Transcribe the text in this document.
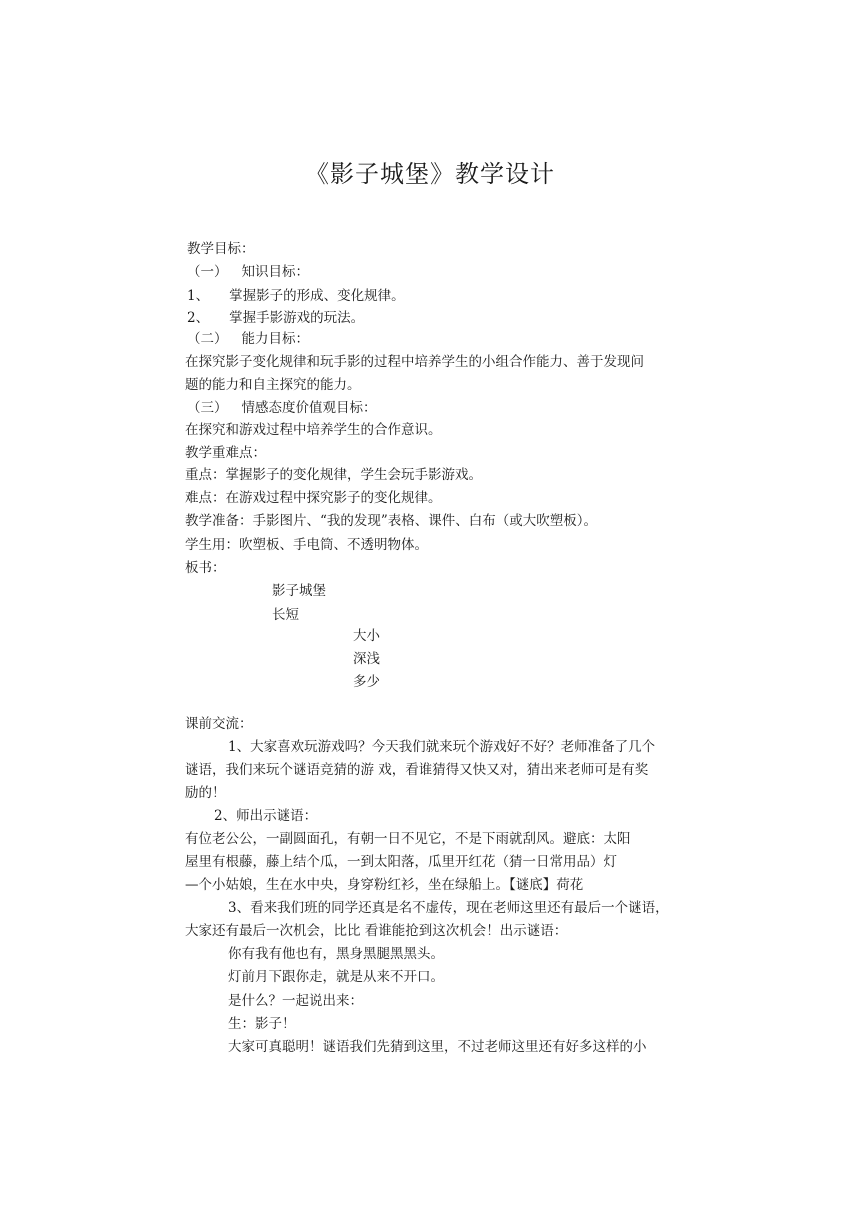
《影子城堡》教学设计

教学目标：

（一） 知识目标：

1、 掌握影子的形成、变化规律。

2、 掌握手影游戏的玩法。

（二） 能力目标：

在探究影子变化规律和玩手影的过程中培养学生的小组合作能力、善于发现问

题的能力和自主探究的能力。

（三） 情感态度价值观目标：

在探究和游戏过程中培养学生的合作意识。

教学重难点：

重点：掌握影子的变化规律，学生会玩手影游戏。

难点：在游戏过程中探究影子的变化规律。

教学准备：手影图片、“我的发现”表格、课件、白布（或大吹塑板）。

学生用：吹塑板、手电筒、不透明物体。

板书：

影子城堡

长短

大小

深浅

多少

课前交流：

1、大家喜欢玩游戏吗？今天我们就来玩个游戏好不好？老师准备了几个

谜语，我们来玩个谜语竞猜的游 戏，看谁猜得又快又对，猜出来老师可是有奖

励的！

2、师出示谜语：

有位老公公，一副圆面孔，有朝一日不见它，不是下雨就刮风。避底：太阳

屋里有根藤，藤上结个瓜，一到太阳落，瓜里开红花（猜一日常用品）灯

—个小姑娘，生在水中央，身穿粉红衫，坐在绿船上。【谜底】荷花

3、看来我们班的同学还真是名不虚传，现在老师这里还有最后一个谜语，

大家还有最后一次机会，比比 看谁能抢到这次机会！出示谜语：

你有我有他也有，黑身黑腿黑黑头。

灯前月下跟你走，就是从来不开口。

是什么？一起说出来：

生：影子！

大家可真聪明！谜语我们先猜到这里，不过老师这里还有好多这样的小
